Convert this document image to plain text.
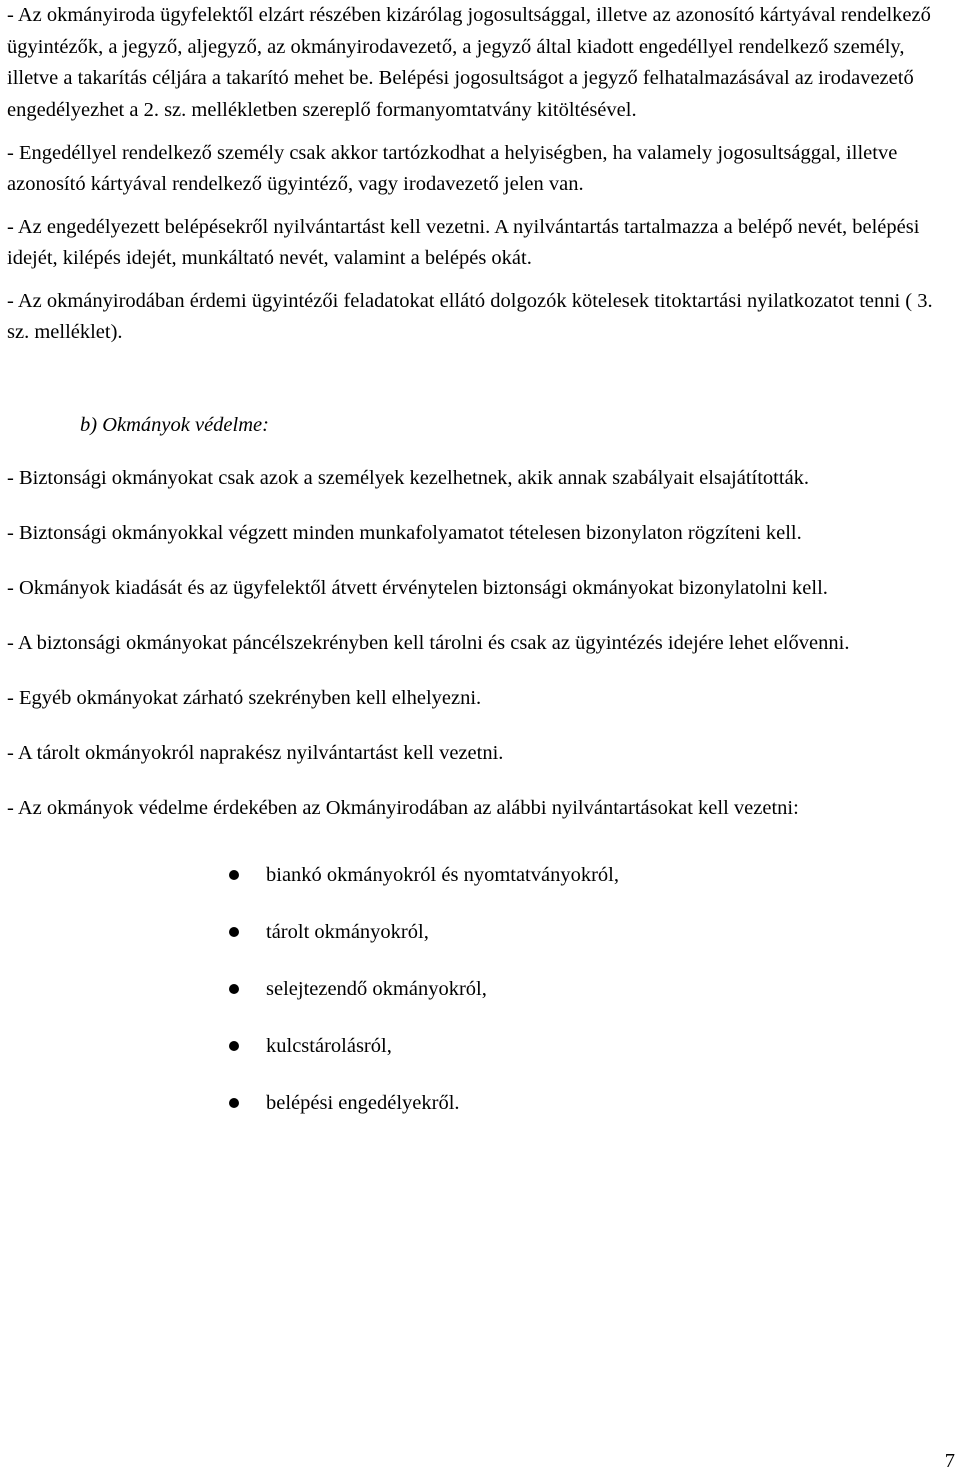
- Az okmányiroda ügyfelektől elzárt részében kizárólag jogosultsággal, illetve az azonosító kártyával rendelkező ügyintézők, a jegyző, aljegyző, az okmányirodavezető, a jegyző által kiadott engedéllyel rendelkező személy, illetve a takarítás céljára a takarító mehet be. Belépési jogosultságot a jegyző felhatalmazásával az irodavezető engedélyezhet a 2. sz. mellékletben szereplő formanyomtatvány kitöltésével.

- Engedéllyel rendelkező személy csak akkor tartózkodhat a helyiségben, ha valamely jogosultsággal, illetve azonosító kártyával rendelkező ügyintéző, vagy irodavezető jelen van.

- Az engedélyezett belépésekről nyilvántartást kell vezetni. A nyilvántartás tartalmazza a belépő nevét, belépési idejét, kilépés idejét, munkáltató nevét, valamint a belépés okát.

- Az okmányirodában érdemi ügyintézői feladatokat ellátó dolgozók kötelesek titoktartási nyilatkozatot tenni ( 3. sz. melléklet).

b) Okmányok védelme:

- Biztonsági okmányokat csak azok a személyek kezelhetnek, akik annak szabályait elsajátították.

- Biztonsági okmányokkal végzett minden munkafolyamatot tételesen bizonylaton rögzíteni kell.

- Okmányok kiadását és az ügyfelektől átvett érvénytelen biztonsági okmányokat bizonylatolni kell.

- A biztonsági okmányokat páncélszekrényben kell tárolni és csak az ügyintézés idejére lehet elővenni.

- Egyéb okmányokat zárható szekrényben kell elhelyezni.

- A tárolt okmányokról naprakész nyilvántartást kell vezetni.

- Az okmányok védelme érdekében az Okmányirodában az alábbi nyilvántartásokat kell vezetni:

biankó okmányokról és nyomtatványokról,
tárolt okmányokról,
selejtezendő okmányokról,
kulcstárolásról,
belépési engedélyekről.
7
